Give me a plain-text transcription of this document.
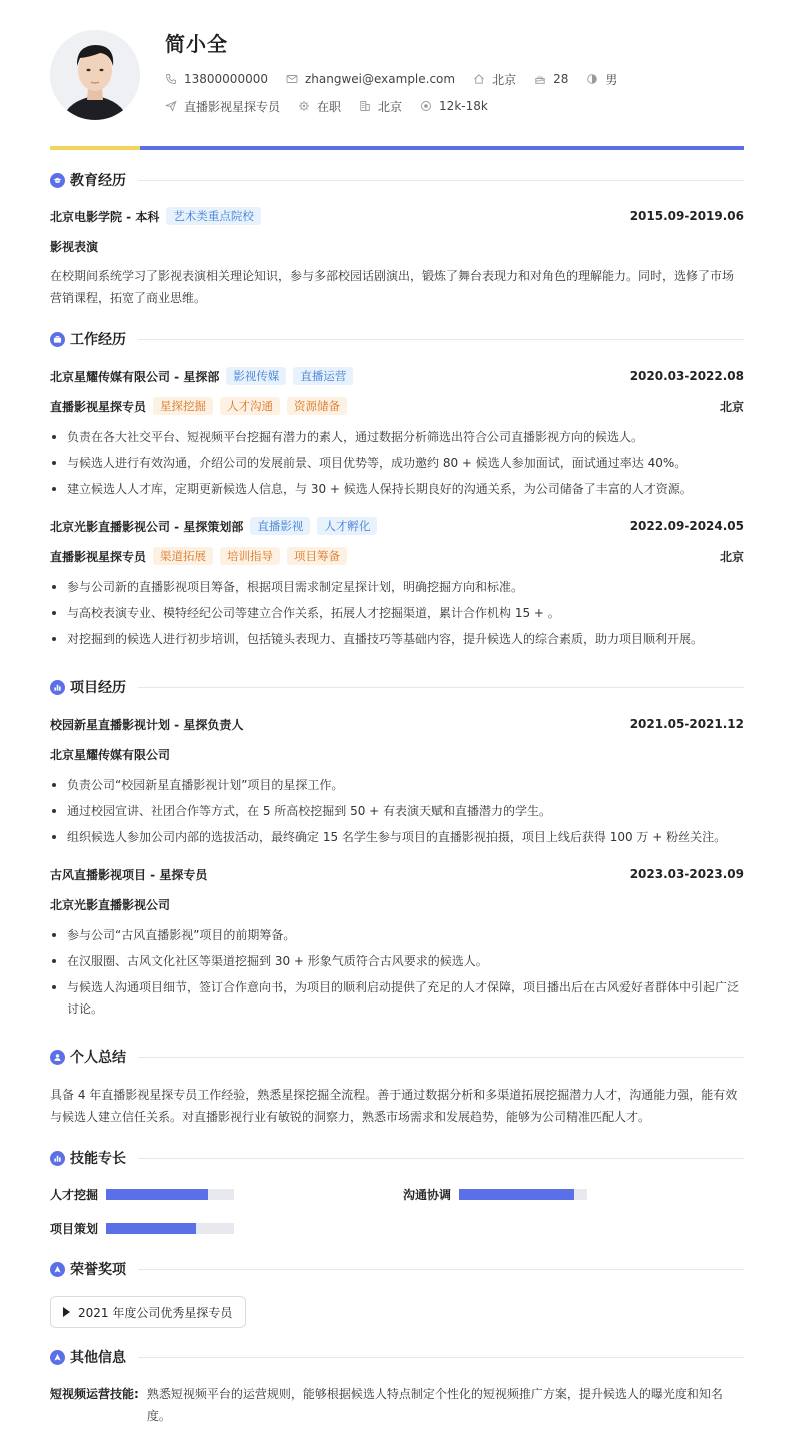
简小全
13800000000	zhangwei@example.com	北京	28	男
直播影视星探专员	在职	北京	12k-18k
教育经历
北京电影学院 - 本科	艺术类重点院校	2015.09-2019.06
影视表演
在校期间系统学习了影视表演相关理论知识，参与多部校园话剧演出，锻炼了舞台表现力和对角色的理解能力。同时，选修了市场营销课程，拓宽了商业思维。
工作经历
北京星耀传媒有限公司 - 星探部	影视传媒	直播运营	2020.03-2022.08
直播影视星探专员	星探挖掘	人才沟通	资源储备	北京
负责在各大社交平台、短视频平台挖掘有潜力的素人，通过数据分析筛选出符合公司直播影视方向的候选人。
与候选人进行有效沟通，介绍公司的发展前景、项目优势等，成功邀约 80 + 候选人参加面试，面试通过率达 40%。
建立候选人人才库，定期更新候选人信息，与 30 + 候选人保持长期良好的沟通关系，为公司储备了丰富的人才资源。
北京光影直播影视公司 - 星探策划部	直播影视	人才孵化	2022.09-2024.05
直播影视星探专员	渠道拓展	培训指导	项目筹备	北京
参与公司新的直播影视项目筹备，根据项目需求制定星探计划，明确挖掘方向和标准。
与高校表演专业、模特经纪公司等建立合作关系，拓展人才挖掘渠道，累计合作机构 15 + 。
对挖掘到的候选人进行初步培训，包括镜头表现力、直播技巧等基础内容，提升候选人的综合素质，助力项目顺利开展。
项目经历
校园新星直播影视计划 - 星探负责人	2021.05-2021.12
北京星耀传媒有限公司
负责公司“校园新星直播影视计划”项目的星探工作。
通过校园宣讲、社团合作等方式，在 5 所高校挖掘到 50 + 有表演天赋和直播潜力的学生。
组织候选人参加公司内部的选拔活动，最终确定 15 名学生参与项目的直播影视拍摄，项目上线后获得 100 万 + 粉丝关注。
古风直播影视项目 - 星探专员	2023.03-2023.09
北京光影直播影视公司
参与公司“古风直播影视”项目的前期筹备。
在汉服圈、古风文化社区等渠道挖掘到 30 + 形象气质符合古风要求的候选人。
与候选人沟通项目细节，签订合作意向书，为项目的顺利启动提供了充足的人才保障，项目播出后在古风爱好者群体中引起广泛讨论。
个人总结
具备 4 年直播影视星探专员工作经验，熟悉星探挖掘全流程。善于通过数据分析和多渠道拓展挖掘潜力人才，沟通能力强，能有效与候选人建立信任关系。对直播影视行业有敏锐的洞察力，熟悉市场需求和发展趋势，能够为公司精准匹配人才。
技能专长
人才挖掘	沟通协调
项目策划
荣誉奖项
2021 年度公司优秀星探专员
其他信息
短视频运营技能: 熟悉短视频平台的运营规则，能够根据候选人特点制定个性化的短视频推广方案，提升候选人的曝光度和知名度。
